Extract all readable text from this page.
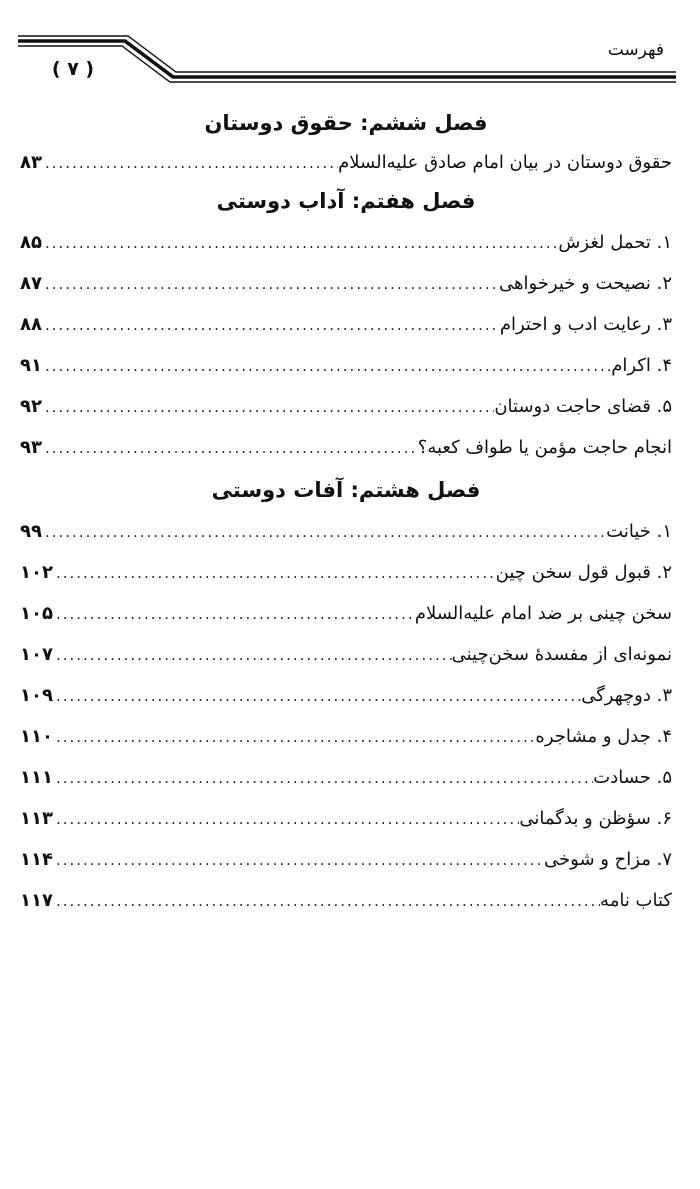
فهرست
( ۷ )
فصل ششم: حقوق دوستان
حقوق دوستان در بیان امام صادق علیه‌السلام
.....
۸۳
فصل هفتم: آداب دوستی
۱. تحمل لغزش
.....
۸۵
۲. نصیحت و خیرخواهی
.....
۸۷
۳. رعایت ادب و احترام
.....
۸۸
۴. اکرام
.....
۹۱
۵. قضای حاجت دوستان
.....
۹۲
انجام حاجت مؤمن یا طواف کعبه؟
.....
۹۳
فصل هشتم: آفات دوستی
۱. خیانت
.....
۹۹
۲. قبول قول سخن چین
.....
۱۰۲
سخن چینی بر ضد امام علیه‌السلام
.....
۱۰۵
نمونه‌ای از مفسدهٔ سخن‌چینی
.....
۱۰۷
۳. دوچهرگی
.....
۱۰۹
۴. جدل و مشاجره
.....
۱۱۰
۵. حسادت
.....
۱۱۱
۶. سؤظن و بدگمانی
.....
۱۱۳
۷. مزاح و شوخی
.....
۱۱۴
کتاب نامه
.....
۱۱۷
